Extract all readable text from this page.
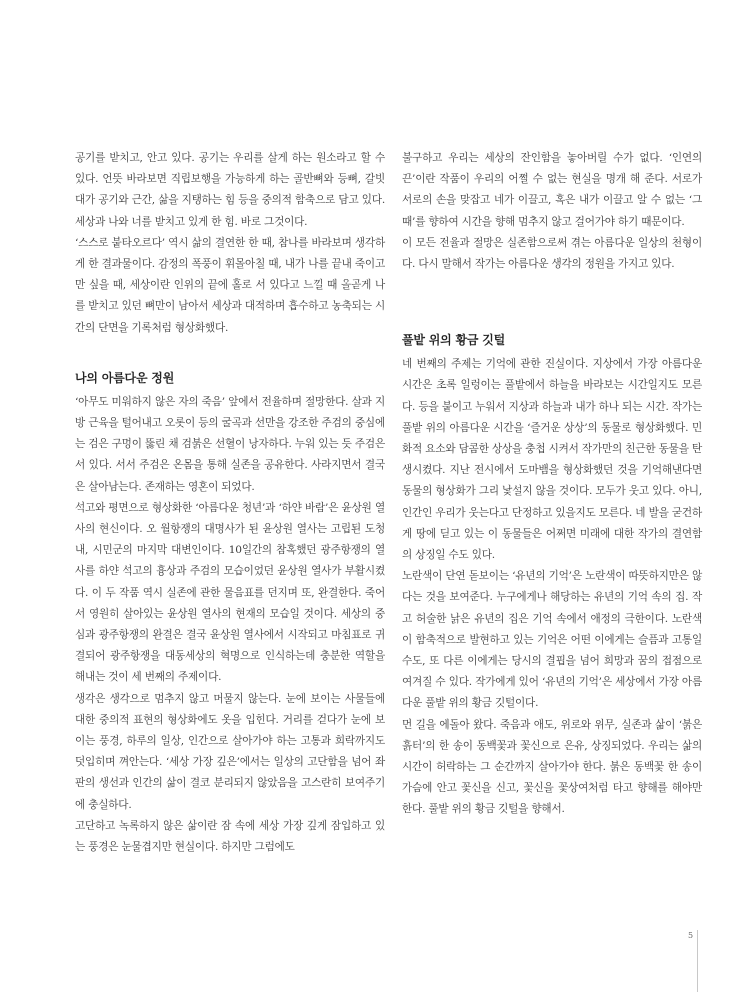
공기를 받치고, 안고 있다. 공기는 우리를 살게 하는 원소라고 할 수 있다. 언뜻 바라보면 직립보행을 가능하게 하는 골반뼈와 등뼈, 갈빗대가 공기와 근간, 삶을 지탱하는 힘 등을 중의적 함축으로 담고 있다. 세상과 나와 너를 받치고 있게 한 힘. 바로 그것이다.

‘스스로 붙타오르다’ 역시 삶의 결연한 한 때, 참나를 바라보며 생각하게 한 결과물이다. 감정의 폭풍이 휘몰아칠 때, 내가 나를 끝내 죽이고만 싶을 때, 세상이란 인위의 끝에 홀로 서 있다고 느낄 때 올곧게 나를 받치고 있던 뼈만이 남아서 세상과 대적하며 흡수하고 농축되는 시간의 단면을 기록처럼 형상화했다.

나의 아름다운 정원

‘아무도 미워하지 않은 자의 죽음’ 앞에서 전율하며 절망한다. 살과 지방 근육을 털어내고 오롯이 등의 굴곡과 선만을 강조한 주검의 중심에는 검은 구멍이 뚫린 채 검붉은 선혈이 낭자하다. 누워 있는 듯 주검은 서 있다. 서서 주검은 온몸을 통해 실존을 공유한다. 사라지면서 결국은 살아남는다. 존재하는 영혼이 되었다.

석고와 평면으로 형상화한 ‘아름다운 청년’과 ‘하얀 바람’은 윤상원 열사의 현신이다. 오 월항쟁의 대명사가 된 윤상원 열사는 고립된 도청 내, 시민군의 마지막 대변인이다. 10일간의 참혹했던 광주항쟁의 열사를 하얀 석고의 흉상과 주검의 모습이었던 윤상원 열사가 부활시켰다. 이 두 작품 역시 실존에 관한 물음표를 던지며 또, 완결한다. 죽어서 영원히 살아있는 윤상원 열사의 현재의 모습일 것이다. 세상의 중심과 광주항쟁의 완결은 결국 윤상원 열사에서 시작되고 마침표로 귀결되어 광주항쟁을 대동세상의 혁명으로 인식하는데 충분한 역할을 해내는 것이 세 번째의 주제이다.

생각은 생각으로 멈추지 않고 머물지 않는다. 눈에 보이는 사물들에 대한 중의적 표현의 형상화에도 옷을 입힌다. 거리를 걷다가 눈에 보이는 풍경, 하루의 일상, 인간으로 살아가야 하는 고통과 희락까지도 덧입히며 껴안는다. ‘세상 가장 깊은’에서는 일상의 고단함을 넘어 좌판의 생선과 인간의 삶이 결코 분리되지 않았음을 고스란히 보여주기에 충실하다.

고단하고 녹록하지 않은 삶이란 잠 속에 세상 가장 깊게 잠입하고 있는 풍경은 눈물겹지만 현실이다. 하지만 그럼에도

불구하고 우리는 세상의 잔인함을 놓아버릴 수가 없다. ‘인연의 끈’이란 작품이 우리의 어쩔 수 없는 현실을 명개 해 준다. 서로가 서로의 손을 맞잡고 네가 이끌고, 혹은 내가 이끌고 알 수 없는 ‘그 때’를 향하여 시간을 향해 멈추지 않고 걸어가야 하기 때문이다.

이 모든 전율과 절망은 실존함으로써 겪는 아름다운 일상의 천형이다. 다시 말해서 작가는 아름다운 생각의 정원을 가지고 있다.

풀밭 위의 황금 깃털

네 번째의 주제는 기억에 관한 진실이다. 지상에서 가장 아름다운 시간은 초록 일렁이는 풀밭에서 하늘을 바라보는 시간일지도 모른다. 등을 붙이고 누워서 지상과 하늘과 내가 하나 되는 시간. 작가는 풀밭 위의 아름다운 시간을 ‘즐거운 상상’의 동물로 형상화했다. 민화적 요소와 담콤한 상상을 충첩 시켜서 작가만의 친근한 동물을 탄생시켰다. 지난 전시에서 도마뱀을 형상화했던 것을 기억해낸다면 동물의 형상화가 그리 낯설지 않을 것이다. 모두가 웃고 있다. 아니, 인간인 우리가 웃는다고 단정하고 있을지도 모른다. 네 발을 굳건하게 땅에 딛고 있는 이 동물들은 어쩌면 미래에 대한 작가의 결연함의 상징일 수도 있다.

노란색이 단연 돋보이는 ‘유년의 기억’은 노란색이 따뜻하지만은 않다는 것을 보여준다. 누구에게나 해당하는 유년의 기억 속의 집. 작고 허술한 낡은 유년의 집은 기억 속에서 애정의 극한이다. 노란색이 함축적으로 발현하고 있는 기억은 어떤 이에게는 슬픔과 고통일 수도, 또 다른 이에게는 당시의 결핍을 넘어 희망과 꿈의 접점으로 여겨질 수 있다. 작가에게 있어 ‘유년의 기억’은 세상에서 가장 아름다운 풀밭 위의 황금 깃털이다.

먼 길을 에돌아 왔다. 죽음과 애도, 위로와 위무, 실존과 삶이 ‘붉은 흙터’의 한 송이 동백꽃과 꽃신으로 은유, 상징되었다. 우리는 삶의 시간이 허락하는 그 순간까지 살아가야 한다. 붉은 동백꽃 한 송이 가슴에 안고 꽃신을 신고, 꽃신을 꽃상여처럼 타고 향해를 해야만 한다. 풀밭 위의 황금 깃털을 향해서.

5
